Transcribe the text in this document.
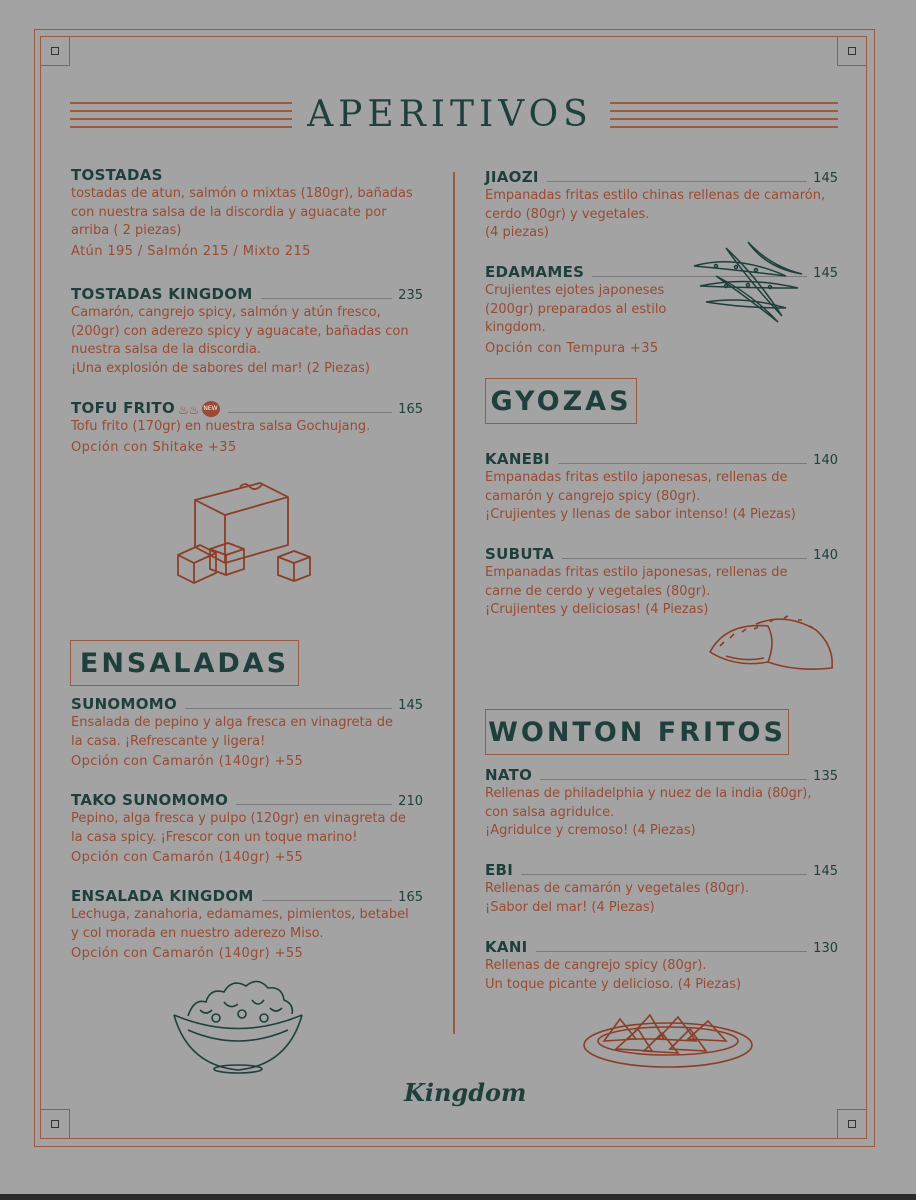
APERITIVOS
TOSTADAS
tostadas de atun, salmón o mixtas (180gr), bañadas
con nuestra salsa de la discordia y aguacate por
arriba ( 2 piezas)
Atún 195 / Salmón 215 / Mixto 215
TOSTADAS KINGDOM	235
Camarón, cangrejo spicy, salmón y atún fresco,
(200gr) con aderezo spicy y aguacate, bañadas con
nuestra salsa de la discordia.
¡Una explosión de sabores del mar! (2 Piezas)
TOFU FRITO ♨♨ NEW	165
Tofu frito (170gr) en nuestra salsa Gochujang.
Opción con Shitake +35
ENSALADAS
SUNOMOMO	145
Ensalada de pepino y alga fresca en vinagreta de
la casa. ¡Refrescante y ligera!
Opción con Camarón (140gr) +55
TAKO SUNOMOMO	210
Pepino, alga fresca y pulpo (120gr) en vinagreta de
la casa spicy. ¡Frescor con un toque marino!
Opción con Camarón (140gr) +55
ENSALADA KINGDOM	165
Lechuga, zanahoria, edamames, pimientos, betabel
y col morada en nuestro aderezo Miso.
Opción con Camarón (140gr) +55
JIAOZI	145
Empanadas fritas estilo chinas rellenas de camarón,
cerdo (80gr) y vegetales.
(4 piezas)
EDAMAMES	145
Crujientes ejotes japoneses
(200gr) preparados al estilo
kingdom.
Opción con Tempura +35
GYOZAS
KANEBI	140
Empanadas fritas estilo japonesas, rellenas de
camarón y cangrejo spicy (80gr).
¡Crujientes y llenas de sabor intenso! (4 Piezas)
SUBUTA	140
Empanadas fritas estilo japonesas, rellenas de
carne de cerdo y vegetales (80gr).
¡Crujientes y deliciosas! (4 Piezas)
WONTON FRITOS
NATO	135
Rellenas de philadelphia y nuez de la india (80gr),
con salsa agridulce.
¡Agridulce y cremoso! (4 Piezas)
EBI	145
Rellenas de camarón y vegetales (80gr).
¡Sabor del mar! (4 Piezas)
KANI	130
Rellenas de cangrejo spicy (80gr).
Un toque picante y delicioso. (4 Piezas)
Kingdom
